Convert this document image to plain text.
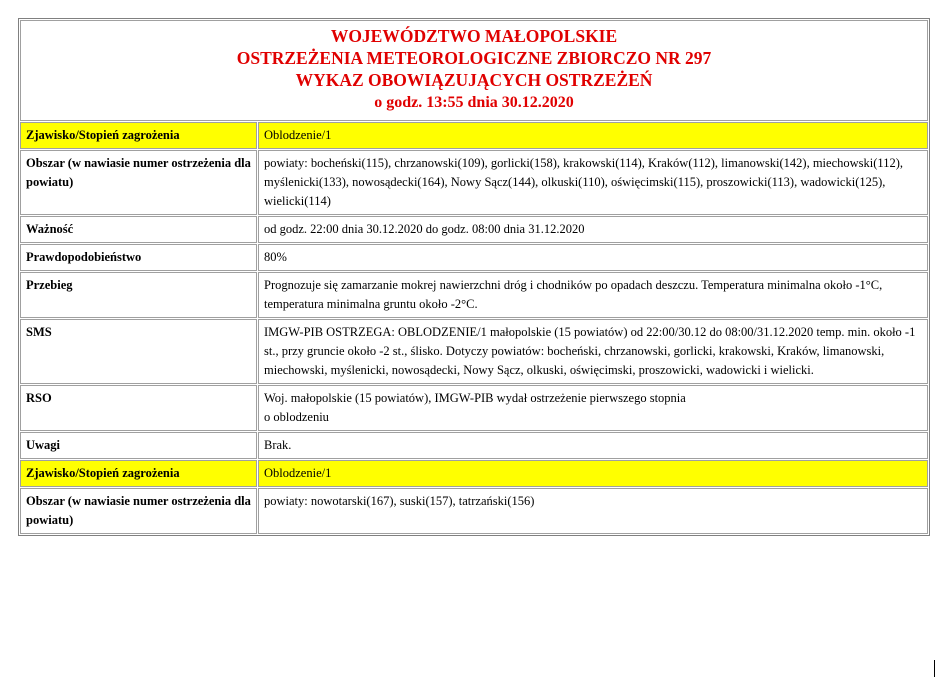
WOJEWÓDZTWO MAŁOPOLSKIE
OSTRZEŻENIA METEOROLOGICZNE ZBIORCZO NR 297
WYKAZ OBOWIĄZUJĄCYCH OSTRZEŻEŃ
o godz. 13:55 dnia 30.12.2020	

Zjawisko/Stopień zagrożenia	Oblodzenie/1
Obszar (w nawiasie numer ostrzeżenia dla powiatu)	powiaty: bocheński(115), chrzanowski(109), gorlicki(158), krakowski(114), Kraków(112), limanowski(142), miechowski(112), myślenicki(133), nowosądecki(164), Nowy Sącz(144), olkuski(110), oświęcimski(115), proszowicki(113), wadowicki(125), wielicki(114)
Ważność	od godz. 22:00 dnia 30.12.2020 do godz. 08:00 dnia 31.12.2020
Prawdopodobieństwo	80%
Przebieg	Prognozuje się zamarzanie mokrej nawierzchni dróg i chodników po opadach deszczu. Temperatura minimalna około -1°C, temperatura minimalna gruntu około -2°C.
SMS	IMGW-PIB OSTRZEGA: OBLODZENIE/1 małopolskie (15 powiatów) od 22:00/30.12 do 08:00/31.12.2020 temp. min. około -1 st., przy gruncie około -2 st., ślisko. Dotyczy powiatów: bocheński, chrzanowski, gorlicki, krakowski, Kraków, limanowski, miechowski, myślenicki, nowosądecki, Nowy Sącz, olkuski, oświęcimski, proszowicki, wadowicki i wielicki.
RSO	Woj. małopolskie (15 powiatów), IMGW-PIB wydał ostrzeżenie pierwszego stopnia
o oblodzeniu

Uwagi	Brak.
Zjawisko/Stopień zagrożenia	Oblodzenie/1
Obszar (w nawiasie numer ostrzeżenia dla powiatu)	powiaty: nowotarski(167), suski(157), tatrzański(156)
